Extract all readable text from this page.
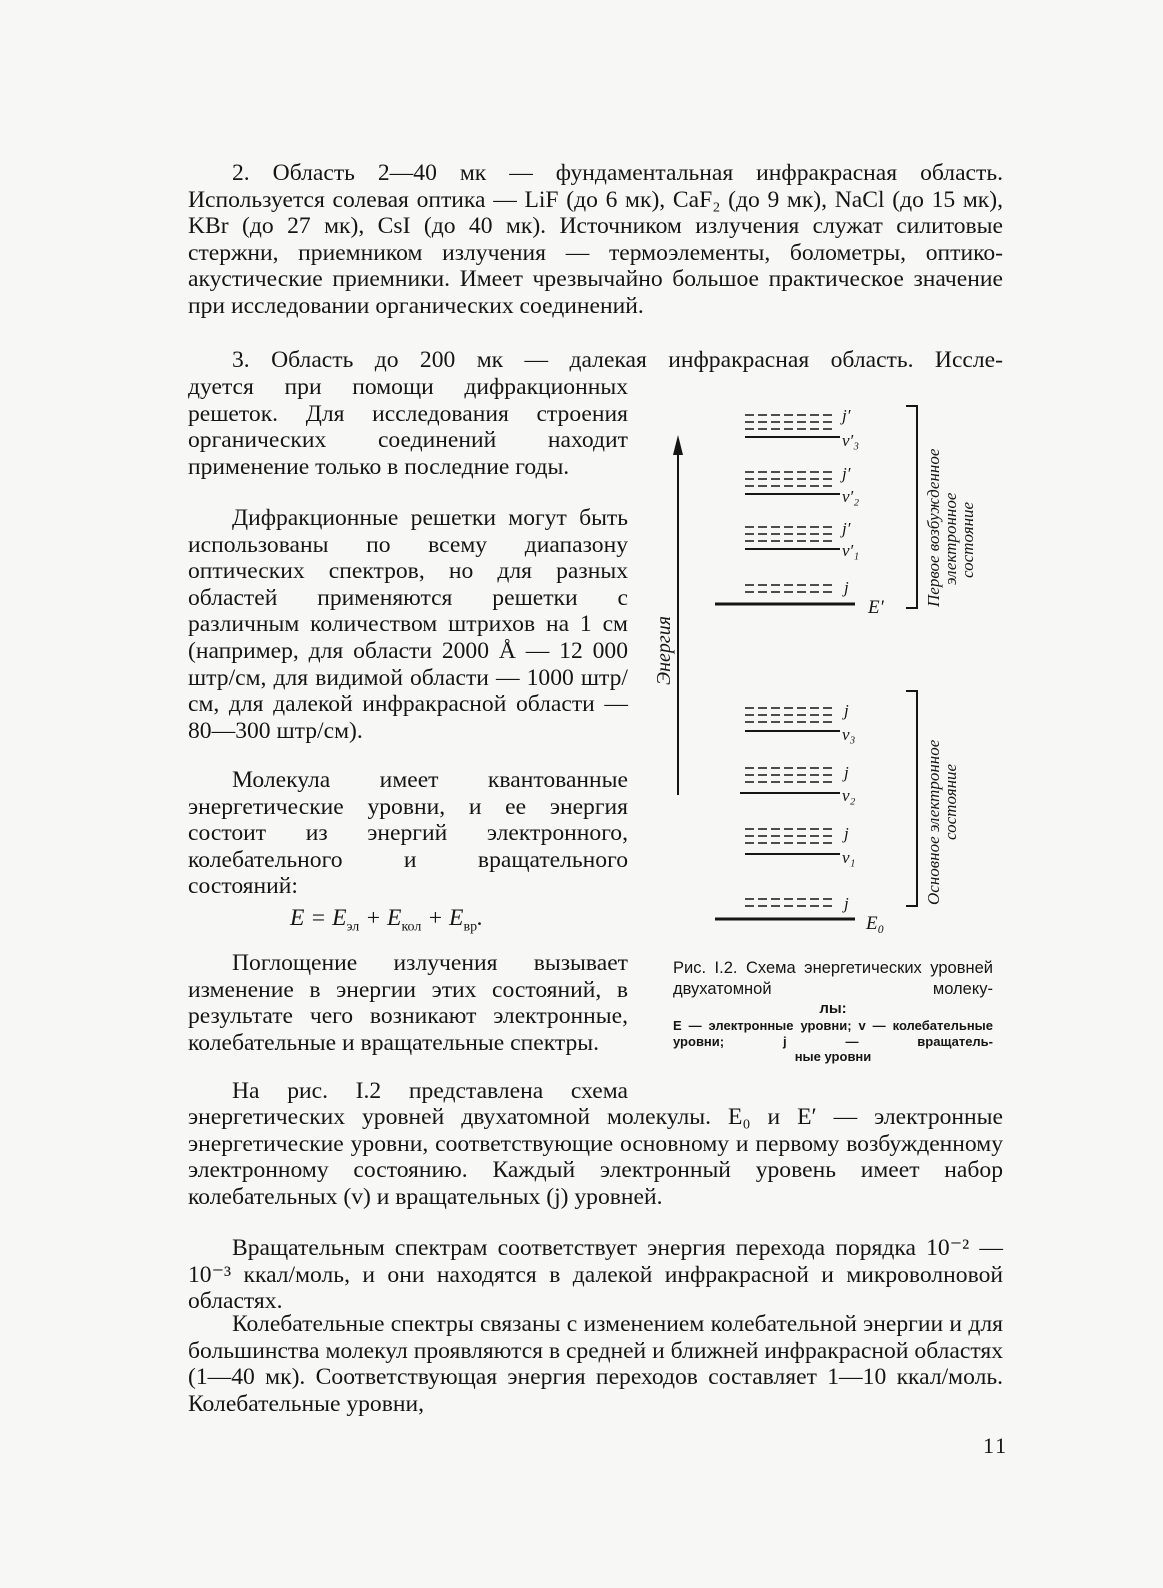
2. Область 2—40 мк — фундаментальная инфракрасная область. Используется солевая оптика — LiF (до 6 мк), CaF₂ (до 9 мк), NaCl (до 15 мк), KBr (до 27 мк), CsI (до 40 мк). Источником излучения служат силитовые стержни, приемником излучения — термоэлементы, болометры, оптико-акустические приемники. Имеет чрезвычайно большое практическое значение при исследовании органических соединений.

3. Область до 200 мк — далекая инфракрасная область. Иссле-

дуется при помощи дифракционных решеток. Для исследования строения органических соединений находит применение только в последние годы.

Дифракционные решетки могут быть использованы по всему диапазону оптических спектров, но для разных областей применяются решетки с различным количеством штрихов на 1 см (например, для области 2000 Å — 12 000 штр/см, для видимой области — 1000 штр/см, для далекой инфракрасной области — 80—300 штр/см).

Молекула имеет квантованные энергетические уровни, и ее энергия состоит из энергий электронного, колебательного и вращательного состояний:

$E = E_{эл} + E_{кол} + E_{вр}$.

Поглощение излучения вызывает изменение в энергии этих состояний, в результате чего возникают электронные, колебательные и вращательные спектры.

На рис. I.2 представлена схема

энергетических уровней двухатомной молекулы. E₀ и E′ — электронные энергетические уровни, соответствующие основному и первому возбужденному электронному состоянию. Каждый электронный уровень имеет набор колебательных (v) и вращательных (j) уровней.

Вращательным спектрам соответствует энергия перехода порядка 10⁻² — 10⁻³ ккал/моль, и они находятся в далекой инфракрасной и микроволновой областях.

Колебательные спектры связаны с изменением колебательной энергии и для большинства молекул проявляются в средней и ближней инфракрасной областях (1—40 мк). Соответствующая энергия переходов составляет 1—10 ккал/моль. Колебательные уровни,

Энергия
j′
v′₃
j′
v′₂
j′
v′₁
j
E′
Первое возбужденное
электронное
состояние
j
v₃
j
v₂
j
v₁
j
E₀
Основное электронное
состояние
Рис. I.2. Схема энергетических уровней двухатомной молеку-
лы:
E — электронные уровни; v — колебательные уровни; j — вращатель-
ные уровни
11
